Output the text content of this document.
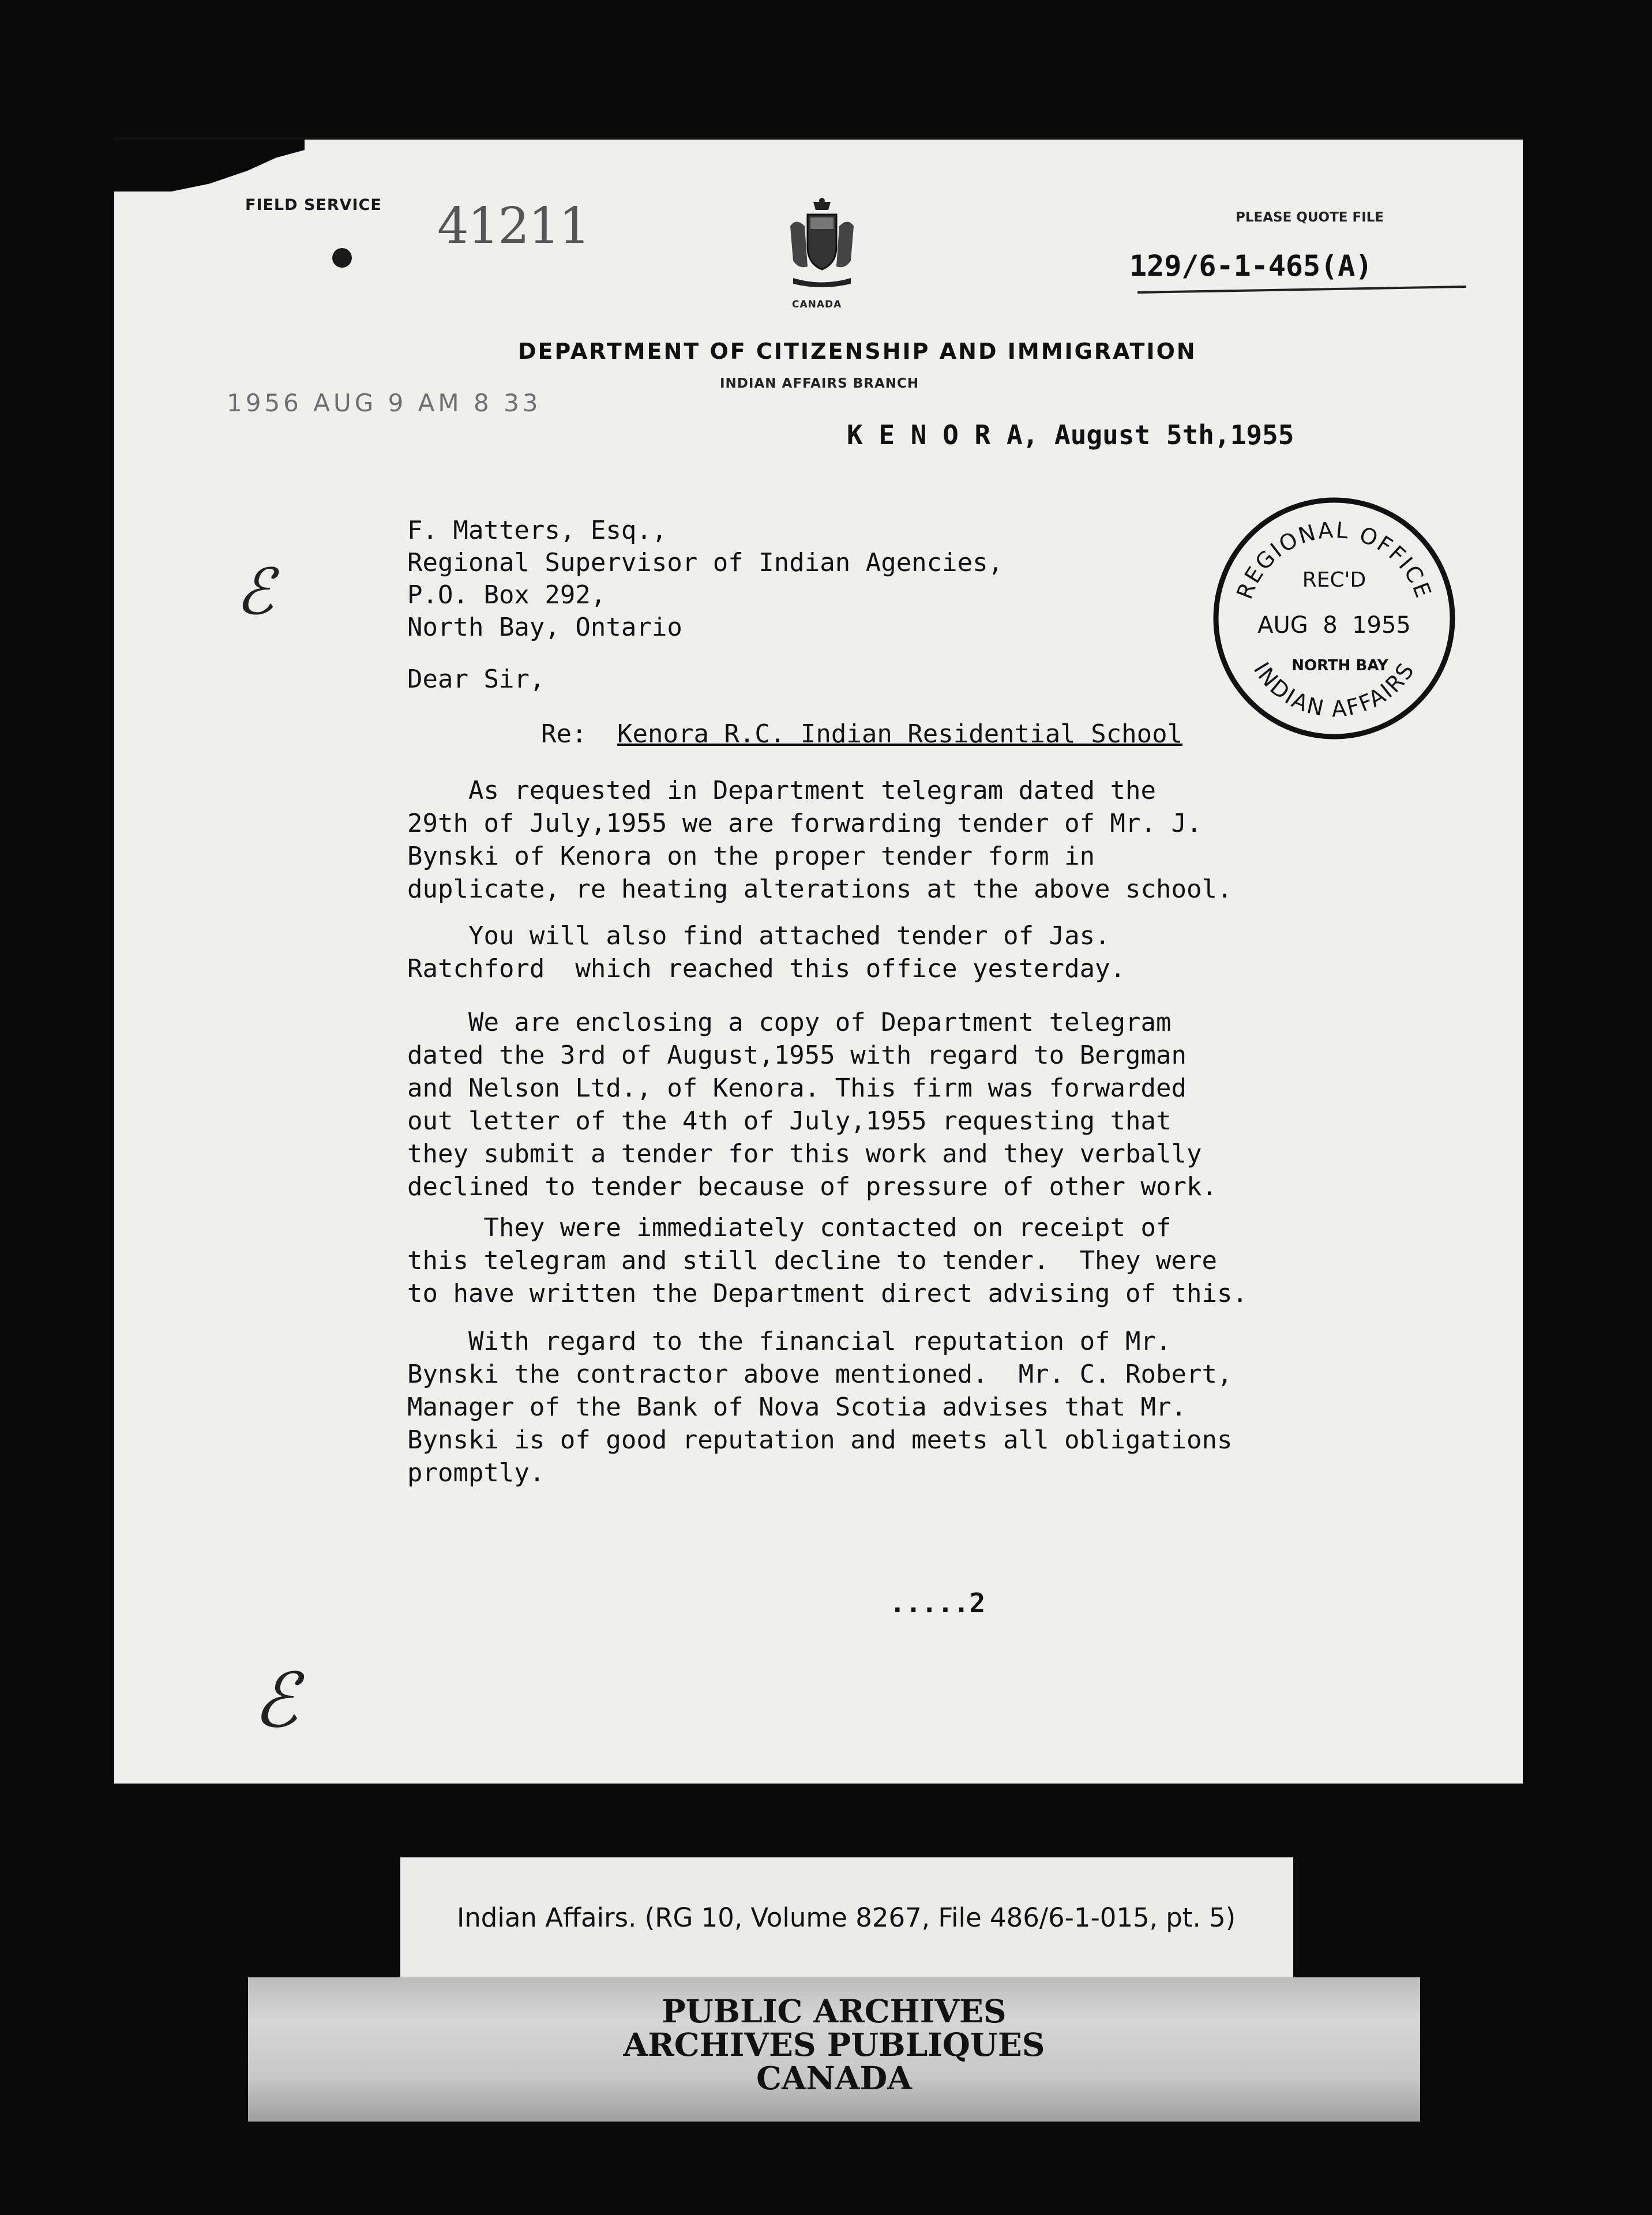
FIELD SERVICE 41211
CANADA
PLEASE QUOTE FILE
129/6-1-465(A)
DEPARTMENT OF CITIZENSHIP AND IMMIGRATION
INDIAN AFFAIRS BRANCH
1956 AUG 9 AM 8 33
K E N O R A, August 5th,1955
F. Matters, Esq.,
Regional Supervisor of Indian Agencies,
P.O. Box 292,
North Bay, Ontario
REGIONAL OFFICE
REC'D
AUG  8  1955
NORTH BAY
INDIAN AFFAIRS
ℰ
Dear Sir,
Re: Kenora R.C. Indian Residential School
As requested in Department telegram dated the
29th of July,1955 we are forwarding tender of Mr. J.
Bynski of Kenora on the proper tender form in
duplicate, re heating alterations at the above school.
You will also find attached tender of Jas.
Ratchford  which reached this office yesterday.
We are enclosing a copy of Department telegram
dated the 3rd of August,1955 with regard to Bergman
and Nelson Ltd., of Kenora. This firm was forwarded
out letter of the 4th of July,1955 requesting that
they submit a tender for this work and they verbally
declined to tender because of pressure of other work.
They were immediately contacted on receipt of
this telegram and still decline to tender.  They were
to have written the Department direct advising of this.
With regard to the financial reputation of Mr.
Bynski the contractor above mentioned.  Mr. C. Robert,
Manager of the Bank of Nova Scotia advises that Mr.
Bynski is of good reputation and meets all obligations
promptly.
.....2
ℰ
Indian Affairs. (RG 10, Volume 8267, File 486/6-1-015, pt. 5)
PUBLIC ARCHIVES
ARCHIVES PUBLIQUES
CANADA
